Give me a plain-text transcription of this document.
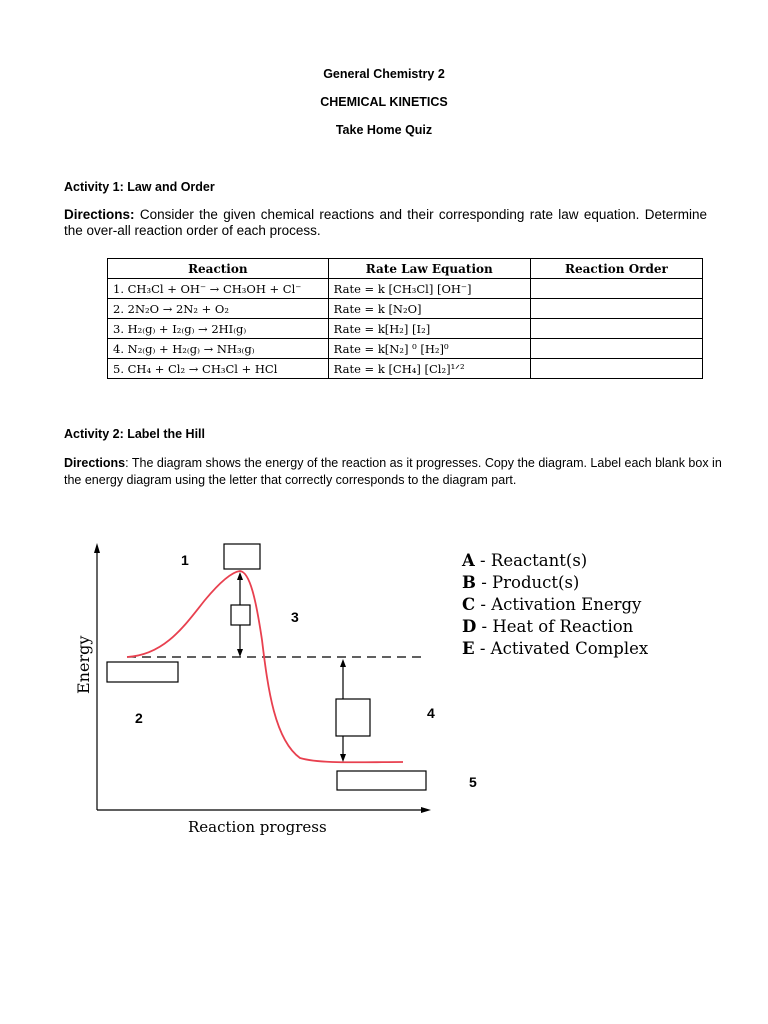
General Chemistry 2
CHEMICAL KINETICS
Take Home Quiz
Activity 1: Law and Order
Directions: Consider the given chemical reactions and their corresponding rate law equation. Determine the over-all reaction order of each process.
Reaction	Rate Law Equation	Reaction Order
1. CH₃Cl + OH⁻ → CH₃OH + Cl⁻	Rate = k [CH₃Cl] [OH⁻]	
2. 2N₂O → 2N₂ + O₂	Rate = k [N₂O]	
3. H₂₍g₎ + I₂₍g₎ → 2HI₍g₎	Rate = k[H₂] [I₂]	
4. N₂₍g₎ + H₂₍g₎ → NH₃₍g₎	Rate = k[N₂] ⁰ [H₂]⁰	
5. CH₄ + Cl₂ → CH₃Cl + HCl	Rate = k [CH₄] [Cl₂]¹ᐟ²	
Activity 2: Label the Hill
Directions: The diagram shows the energy of the reaction as it progresses. Copy the diagram. Label each blank box in the energy diagram using the letter that correctly corresponds to the diagram part.
1
2
3
4
5
Energy
Reaction progress
A - Reactant(s)
B - Product(s)
C - Activation Energy
D - Heat of Reaction
E - Activated Complex
